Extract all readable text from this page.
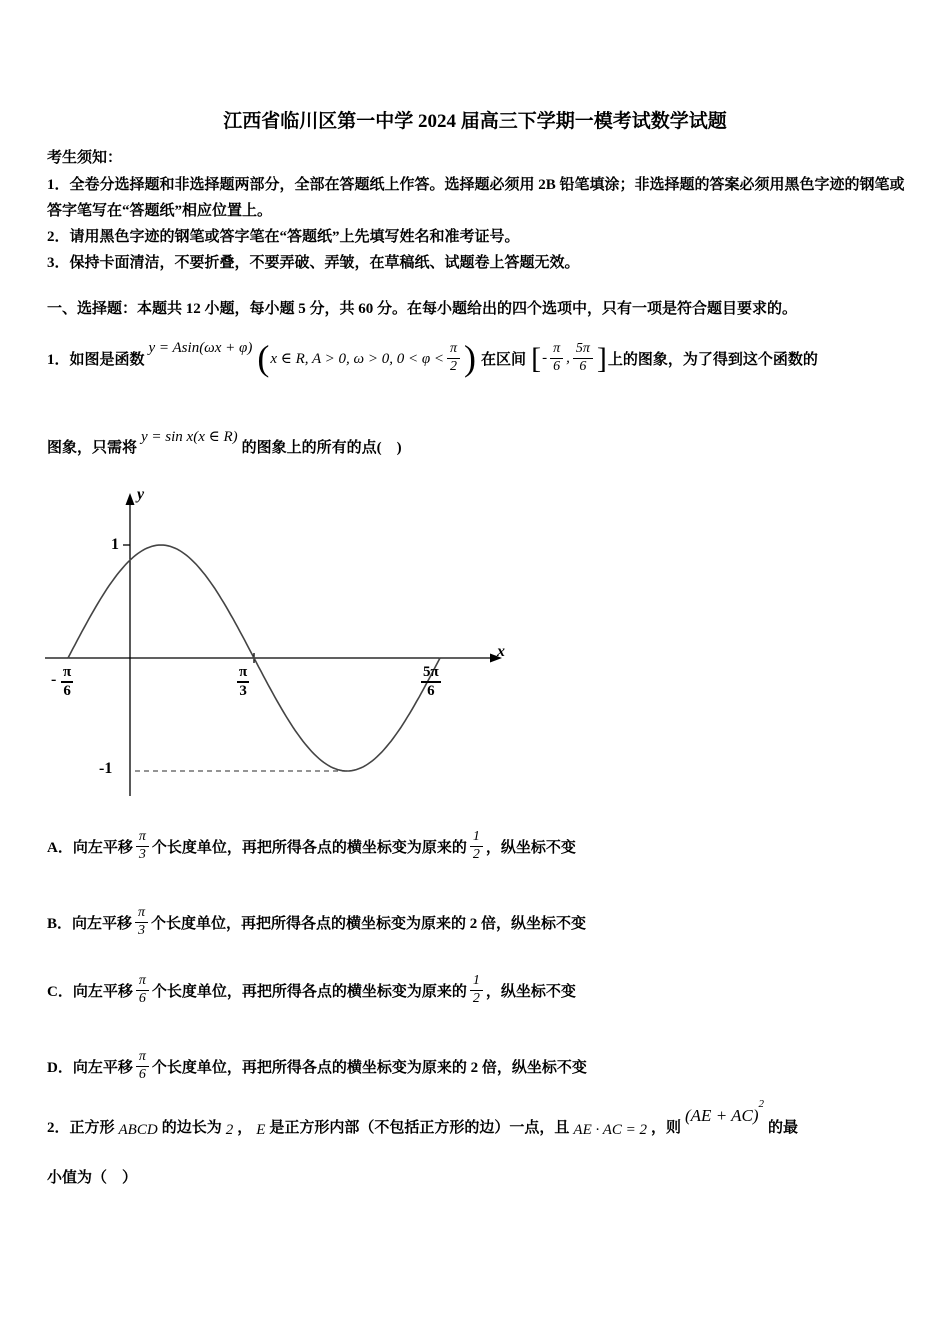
江西省临川区第一中学 2024 届高三下学期一模考试数学试题
考生须知：
1．全卷分选择题和非选择题两部分，全部在答题纸上作答。选择题必须用 2B 铅笔填涂；非选择题的答案必须用黑色字迹的钢笔或答字笔写在“答题纸”相应位置上。
2．请用黑色字迹的钢笔或答字笔在“答题纸”上先填写姓名和准考证号。
3．保持卡面清洁，不要折叠，不要弄破、弄皱，在草稿纸、试题卷上答题无效。
一、选择题：本题共 12 小题，每小题 5 分，共 60 分。在每小题给出的四个选项中，只有一项是符合题目要求的。
1．如图是函数
y = Asin(ωx + φ) ( x ∈ R, A > 0, ω > 0, $0 < \varphi < \frac{\pi}{2}$ ) 在区间 [ - $\frac{\pi}{6}$ , $\frac{5\pi}{6}$ ] 上的图象，为了得到这个函数的
图象，只需将
y = sin x(x ∈ R)
的图象上的所有的点(　)
y
x
1
-1
- $\frac{\pi}{6}$	$\frac{\pi}{3}$	$\frac{5\pi}{6}$
A． 向左平移 $\frac{\pi}{3}$ 个长度单位，再把所得各点的横坐标变为原来的 $\frac{1}{2}$ ，纵坐标不变
B． 向左平移 $\frac{\pi}{3}$ 个长度单位，再把所得各点的横坐标变为原来的 2 倍，纵坐标不变
C． 向左平移 $\frac{\pi}{6}$ 个长度单位，再把所得各点的横坐标变为原来的 $\frac{1}{2}$ ，纵坐标不变
D． 向左平移 $\frac{\pi}{6}$ 个长度单位，再把所得各点的横坐标变为原来的 2 倍，纵坐标不变
2．正方形 ABCD 的边长为 2 ， E 是正方形内部（不包括正方形的边）一点，且 AE · AC = 2 ，则
(AE + AC)
2
的最
小值为（　）
